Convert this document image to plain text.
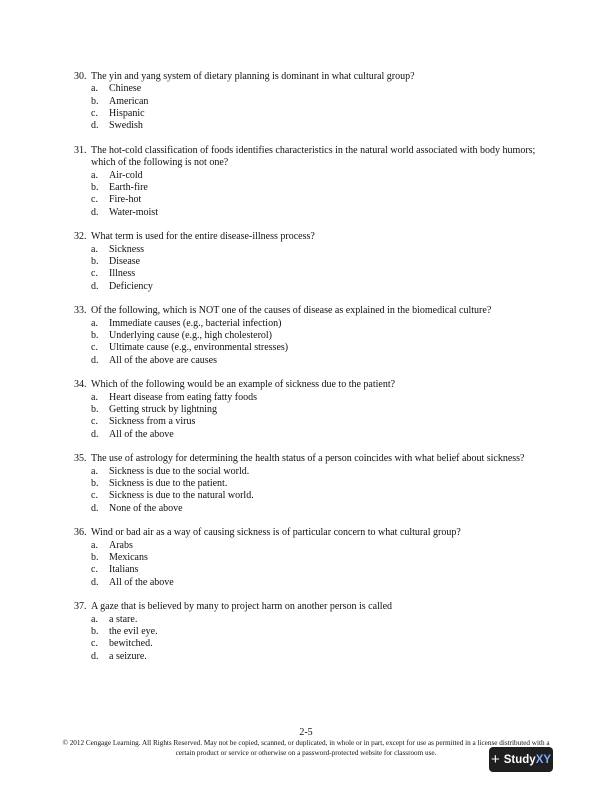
30. The yin and yang system of dietary planning is dominant in what cultural group?
a.	Chinese
b.	American
c.	Hispanic
d.	Swedish
31. The hot-cold classification of foods identifies characteristics in the natural world associated with body humors; which of the following is not one?
a.	Air-cold
b.	Earth-fire
c.	Fire-hot
d.	Water-moist
32. What term is used for the entire disease-illness process?
a.	Sickness
b.	Disease
c.	Illness
d.	Deficiency
33. Of the following, which is NOT one of the causes of disease as explained in the biomedical culture?
a.	Immediate causes (e.g., bacterial infection)
b.	Underlying cause (e.g., high cholesterol)
c.	Ultimate cause (e.g., environmental stresses)
d.	All of the above are causes
34. Which of the following would be an example of sickness due to the patient?
a.	Heart disease from eating fatty foods
b.	Getting struck by lightning
c.	Sickness from a virus
d.	All of the above
35. The use of astrology for determining the health status of a person coincides with what belief about sickness?
a.	Sickness is due to the social world.
b.	Sickness is due to the patient.
c.	Sickness is due to the natural world.
d.	None of the above
36. Wind or bad air as a way of causing sickness is of particular concern to what cultural group?
a.	Arabs
b.	Mexicans
c.	Italians
d.	All of the above
37. A gaze that is believed by many to project harm on another person is called
a.	a stare.
b.	the evil eye.
c.	bewitched.
d.	a seizure.
2-5
© 2012 Cengage Learning. All Rights Reserved. May not be copied, scanned, or duplicated, in whole or in part, except for use as permitted in a license distributed with a certain product or service or otherwise on a password-protected website for classroom use.	+ Study XY
